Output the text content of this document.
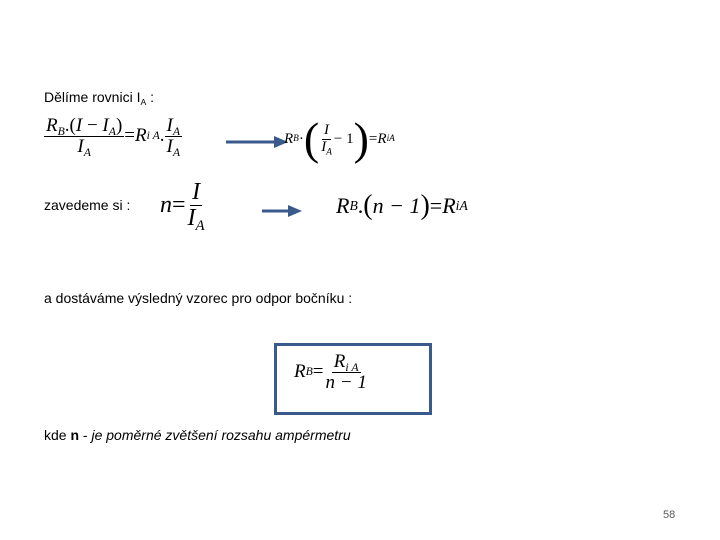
Dělíme rovnici $I_A$ :
$\frac{R_B.(I - I_A)}{I_A} = R$ i A . $\frac{I_A}{I_A}$	R B · ( $\frac{I}{I_A} - 1$ ) = R iA
zavedeme si : $n = \frac{I}{I_A}$	R B . ( n − 1 ) = R iA
a dostáváme výsledný vzorec pro odpor bočníku :
R $B = \frac{R_{i A}}{n - 1}$
kde n - je poměrné zvětšení rozsahu ampérmetru
58
